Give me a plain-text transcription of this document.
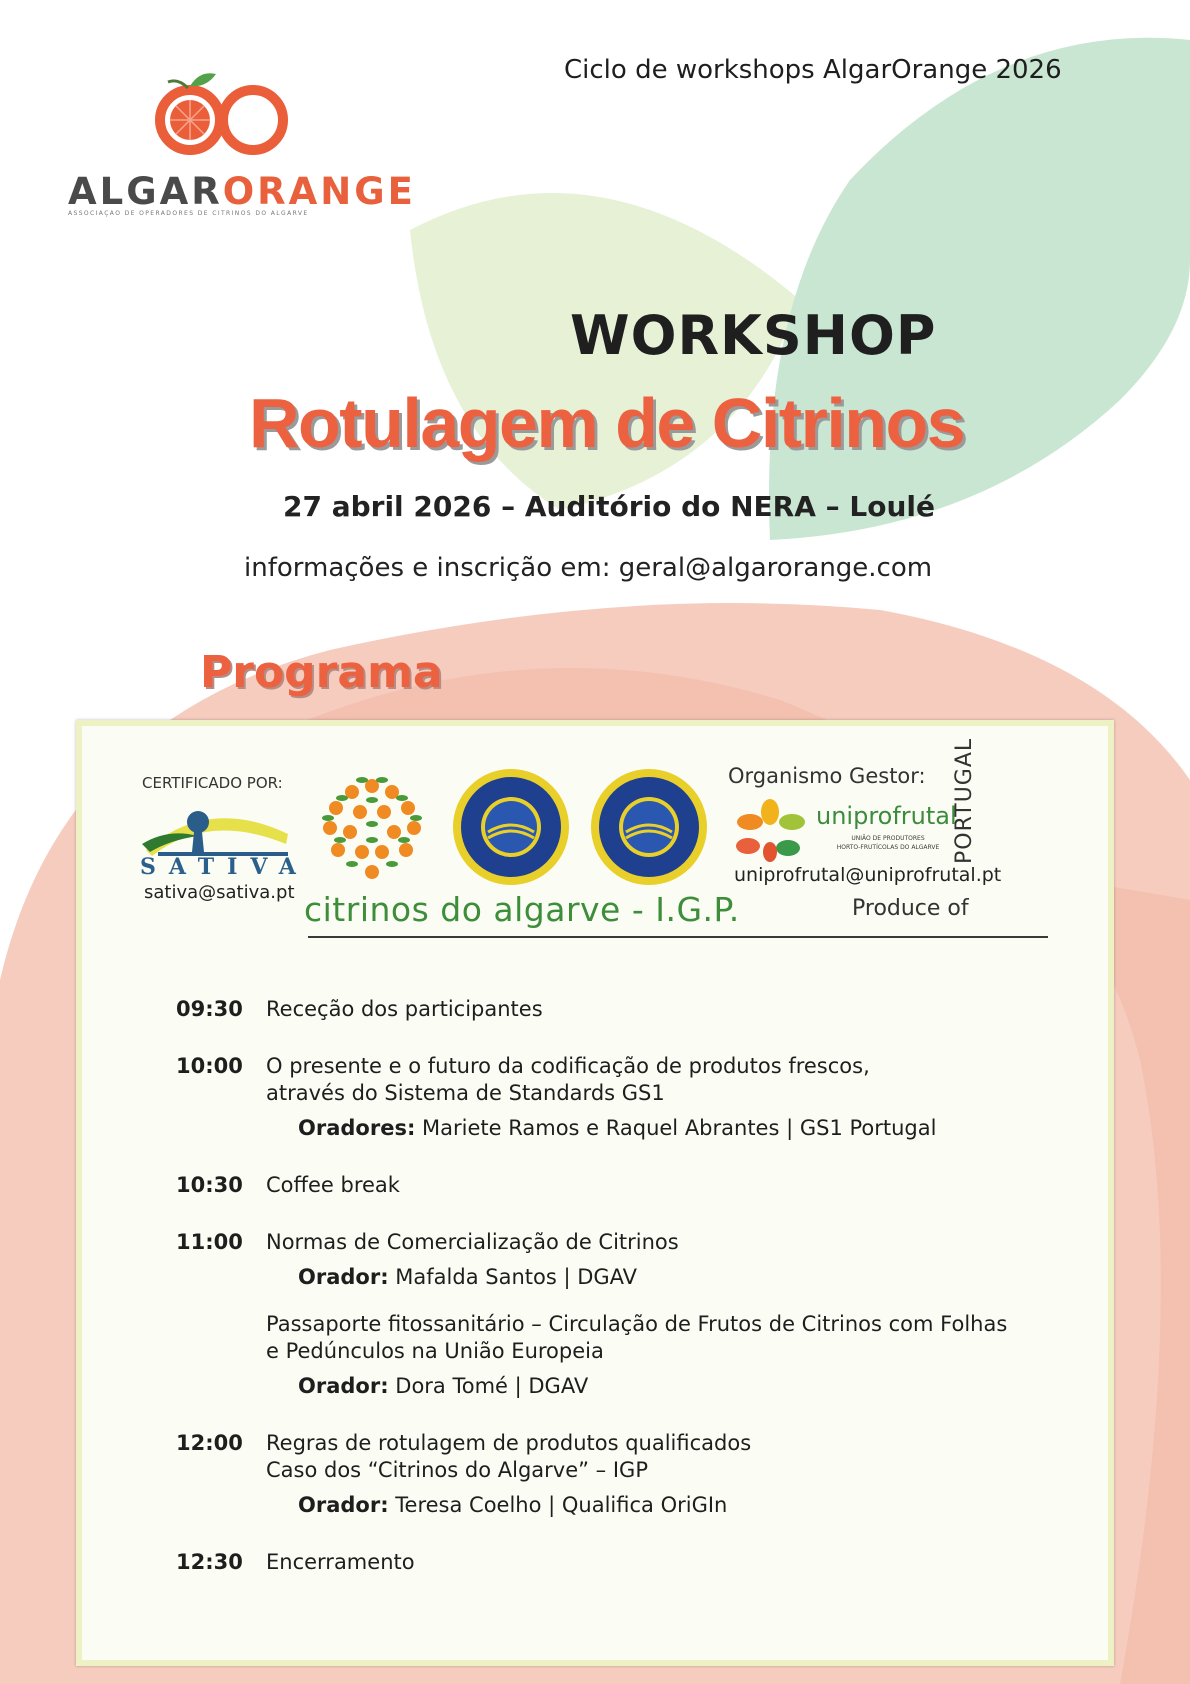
Ciclo de workshops AlgarOrange 2026
ALGARORANGE
ASSOCIAÇÃO DE OPERADORES DE CITRINOS DO ALGARVE
WORKSHOP
Rotulagem de Citrinos
27 abril 2026 – Auditório do NERA – Loulé
informações e inscrição em: geral@algarorange.com
Programa
CERTIFICADO POR:
SATIVA
sativa@sativa.pt citrinos do algarve - I.G.P.
Organismo Gestor:
uniprofrutal
UNIÃO DE PRODUTORES
HORTO-FRUTÍCOLAS DO ALGARVE
uniprofrutal@uniprofrutal.pt
Produce of
PORTUGAL
09:30 Receção dos participantes
10:00 O presente e o futuro da codificação de produtos frescos,
através do Sistema de Standards GS1
Oradores: Mariete Ramos e Raquel Abrantes | GS1 Portugal
10:30 Coffee break
11:00 Normas de Comercialização de Citrinos
Orador: Mafalda Santos | DGAV
Passaporte fitossanitário – Circulação de Frutos de Citrinos com Folhas
e Pedúnculos na União Europeia
Orador: Dora Tomé | DGAV
12:00 Regras de rotulagem de produtos qualificados
Caso dos “Citrinos do Algarve” – IGP
Orador: Teresa Coelho | Qualifica OriGIn
12:30 Encerramento
